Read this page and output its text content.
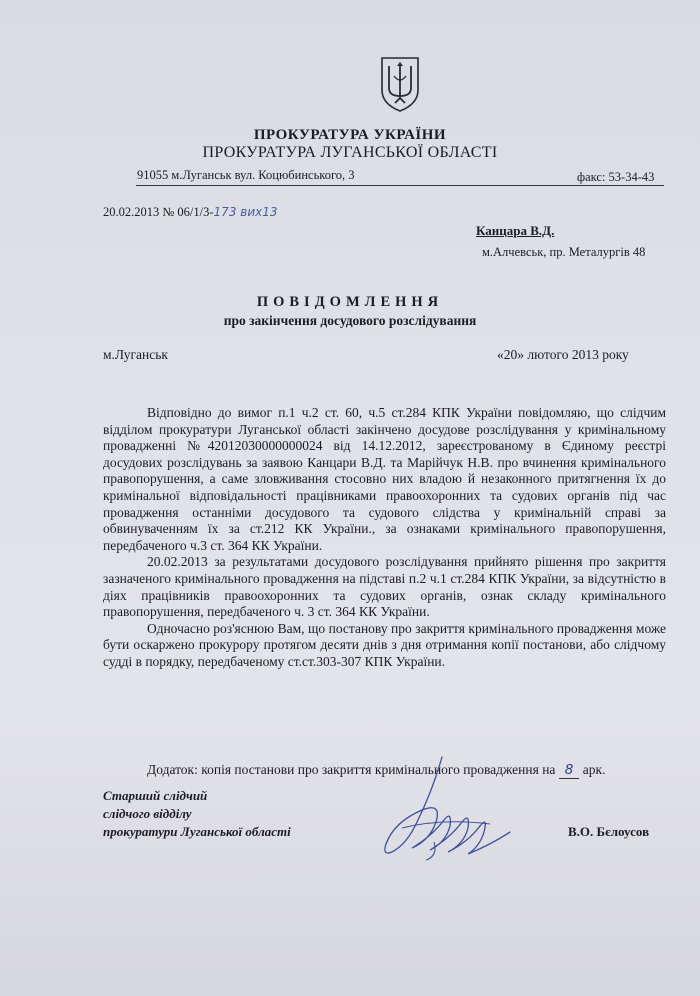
ПРОКУРАТУРА УКРАЇНИ
ПРОКУРАТУРА ЛУГАНСЬКОЇ ОБЛАСТІ
91055 м.Луганськ вул. Коцюбинського, 3	факс: 53-34-43
20.02.2013 № 06/1/3-173 вих13
Канцара В.Д.
м.Алчевськ, пр. Металургів 48
ПОВІДОМЛЕННЯ
про закінчення досудового розслідування
м.Луганськ	«20» лютого 2013 року

Відповідно до вимог п.1 ч.2 ст. 60, ч.5 ст.284 КПК України повідомляю, що слідчим відділом прокуратури Луганської області закінчено досудове розслідування у кримінальному провадженні №42012030000000024 від 14.12.2012, зареєстрованому в Єдиному реєстрі досудових розслідувань за заявою Канцари В.Д. та Марійчук Н.В. про вчинення кримінального правопорушення, а саме зловживання стосовно них владою й незаконного притягнення їх до кримінальної відповідальності працівниками правоохоронних та судових органів під час провадження останніми досудового та судового слідства у кримінальній справі за обвинуваченням їх за ст.212 КК України., за ознаками кримінального правопорушення, передбаченого ч.3 ст. 364 КК України.

20.02.2013 за результатами досудового розслідування прийнято рішення про закриття зазначеного кримінального провадження на підставі п.2 ч.1 ст.284 КПК України, за відсутністю в діях працівників правоохоронних та судових органів, ознак складу кримінального правопорушення, передбаченого ч. 3 ст. 364 КК України.

Одночасно роз'яснюю Вам, що постанову про закриття кримінального провадження може бути оскаржено прокурору протягом десяти днів з дня отримання копії постанови, або слідчому судді в порядку, передбаченому ст.ст.303-307 КПК України.

Додаток: копія постанови про закриття кримінального провадження на 8 арк.
Старший слідчий
слідчого відділу
прокуратури Луганської області	В.О. Бєлоусов
